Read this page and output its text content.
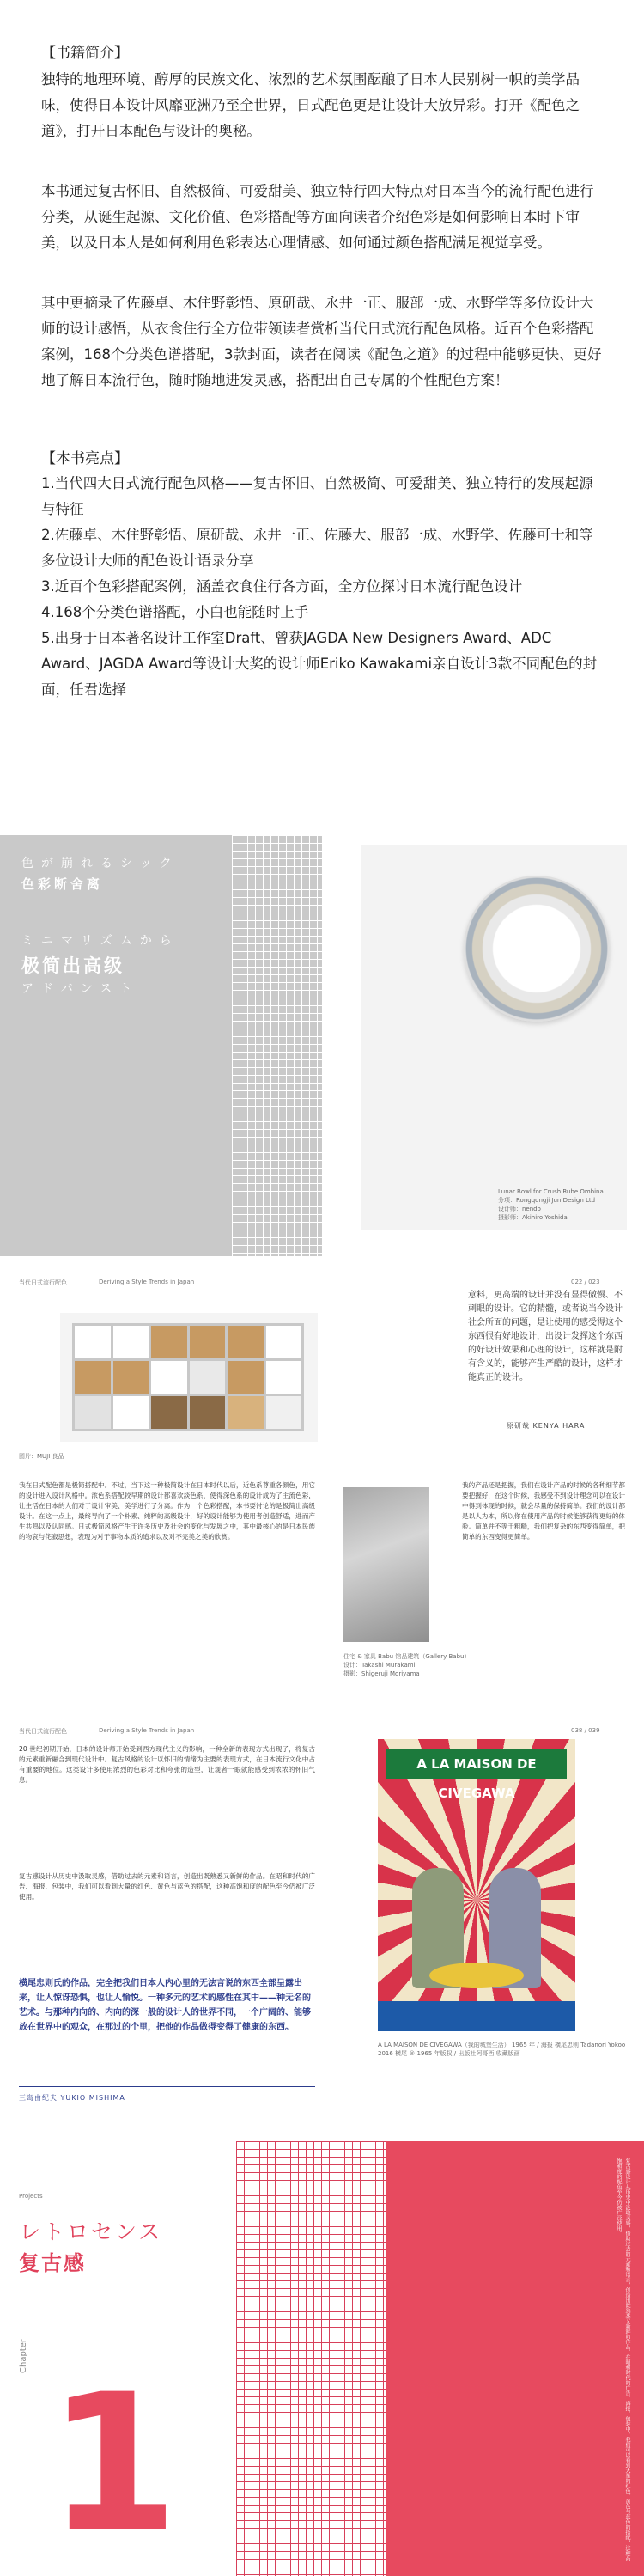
【书籍简介】
独特的地理环境、醇厚的民族文化、浓烈的艺术氛围酝酿了日本人民别树一帜的美学品味，使得日本设计风靡亚洲乃至全世界，日式配色更是让设计大放异彩。打开《配色之道》，打开日本配色与设计的奥秘。
本书通过复古怀旧、自然极简、可爱甜美、独立特行四大特点对日本当今的流行配色进行分类，从诞生起源、文化价值、色彩搭配等方面向读者介绍色彩是如何影响日本时下审美，以及日本人是如何利用色彩表达心理情感、如何通过颜色搭配满足视觉享受。
其中更摘录了佐藤卓、木住野彰悟、原研哉、永井一正、服部一成、水野学等多位设计大师的设计感悟，从衣食住行全方位带领读者赏析当代日式流行配色风格。近百个色彩搭配案例，168个分类色谱搭配，3款封面，读者在阅读《配色之道》的过程中能够更快、更好地了解日本流行色，随时随地进发灵感，搭配出自己专属的个性配色方案！
【本书亮点】
1.当代四大日式流行配色风格——复古怀旧、自然极简、可爱甜美、独立特行的发展起源与特征
2.佐藤卓、木住野彰悟、原研哉、永井一正、佐藤大、服部一成、水野学、佐藤可士和等多位设计大师的配色设计语录分享
3.近百个色彩搭配案例，涵盖衣食住行各方面，全方位探讨日本流行配色设计
4.168个分类色谱搭配，小白也能随时上手
5.出身于日本著名设计工作室Draft、曾获JAGDA New Designers Award、ADC Award、JAGDA Award等设计大奖的设计师Eriko Kawakami亲自设计3款不同配色的封面，任君选择
色が崩れるシック
色彩断舍离
ミニマリズムから
极简出高级
アドバンスト
Lunar Bowl for Crush Rube Ombina
分项：Rongqongji Jun Design Ltd
设计师：nendo
摄影师：Akihiro Yoshida
当代日式流行配色	Deriving a Style Trends in Japan	022 / 023
图片：MUJI 良品
意料，更高端的设计并没有显得傲慢、不刺眼的设计。它的精髓，或者说当今设计社会所面的问题，是让使用的感受得这个东西很有好地设计，出设计发挥这个东西的好设计效果和心理的设计，这样就是附有含义的，能够产生严酷的设计，这样才能真正的设计。
原研哉 KENYA HARA
我在日式配色都是极简搭配中。不过，当下这一种极简设计在日本时代以后，近色系尊重各颜色，用它的设计进入设计风格中。浓色系搭配较早期的设计都喜欢淡色系，使得深色系的设计成为了主流色彩，让生活在日本的人们对于设计审美、美学进行了分离。作为一个色彩搭配，本书要讨论的是极简出高级设计。在这一点上，最终导向了一个朴素、纯粹的高级设计，好的设计能够为使用者创造舒适，进而产生共鸣以及认同感。日式极简风格产生于许多历史及社会的变化与发展之中，其中最核心的是日本民族的物哀与侘寂思想，表现为对于事物本质的追求以及对不完美之美的欣赏。
住宅 & 家具 Babu 馆品建筑（Gallery Babu）
设计：Takashi Murakami
摄影：Shigeruji Moriyama
我的产品还是把握，我们在设计产品的时候的各种细节都要把握好，在这个时候，我感受不到设计理念可以在设计中得到体现的时候，就会尽量的保持简单。我们的设计都是以人为本，所以你在使用产品的时候能够获得更好的体验。简单并不等于粗糙，我们把复杂的东西变得简单，把简单的东西变得更简单。
当代日式流行配色	Deriving a Style Trends in Japan	038 / 039
20 世纪初期开始，日本的设计师开始受到西方现代主义的影响，一种全新的表现方式出现了，将复古的元素重新融合到现代设计中。复古风格的设计以怀旧的情绪为主要的表现方式，在日本流行文化中占有重要的地位。这类设计多使用浓烈的色彩对比和夸张的造型，让观者一眼就能感受到浓浓的怀旧气息。
复古感设计从历史中汲取灵感，借助过去的元素和语言，创造出既熟悉又新鲜的作品。在昭和时代的广告、海报、包装中，我们可以看到大量的红色、黄色与蓝色的搭配，这种高饱和度的配色至今仍被广泛使用。
横尾忠则氏的作品，完全把我们日本人内心里的无法言说的东西全部呈露出来，让人惊讶恐惧，也让人愉悦。一种多元的艺术的感性在其中——种无名的艺术。与那种内向的、内向的深一般的设计人的世界不同，一个广阔的、能够放在世界中的观众，在那过的个里，把他的作品做得变得了健康的东西。
三岛由纪夫 YUKIO MISHIMA
A LA MAISON DE CIVEGAWA
A LA MAISON DE CIVEGAWA（我的城堡生活） 1965 年 / 海报 横尾忠则 Tadanori Yokoo
2016 横尾 ® 1965 年版权 / 出版社阿哥西 收藏版画
复古感设计从历史中汲取灵感，借助过去的元素和语言，创造出既熟悉又新鲜的作品。在昭和时代的广告、海报、包装中，我们可以看到大量的红色、黄色与蓝色的搭配，这种高饱和度的配色至今仍被广泛使用。
Projects
レトロセンス
复古感
Chapter 1
